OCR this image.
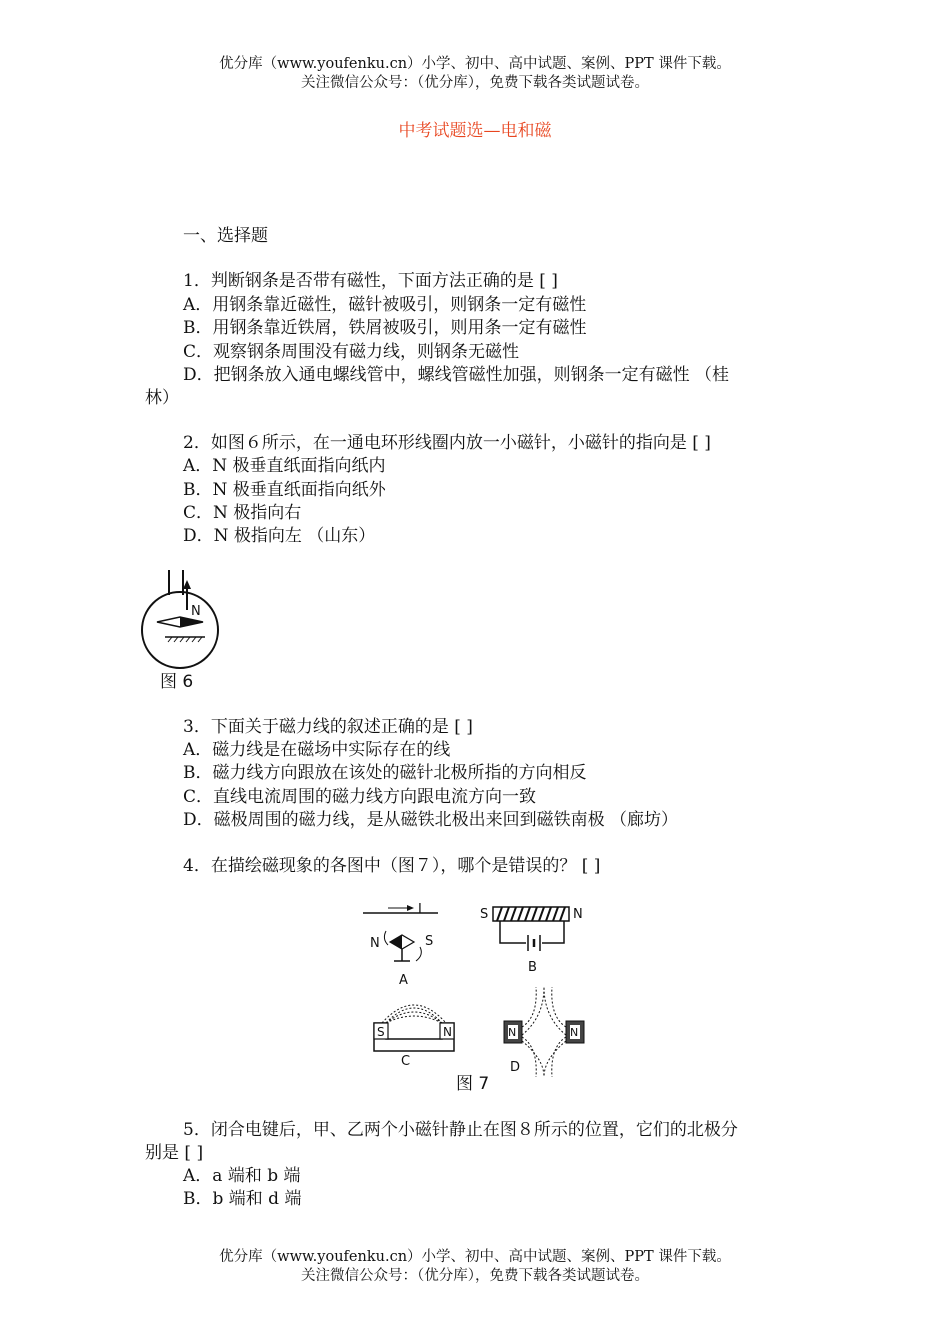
优分库（www.youfenku.cn）小学、初中、高中试题、案例、PPT 课件下载。
关注微信公众号：（优分库），免费下载各类试题试卷。
中考试题选—电和磁
一、选择题
1．判断钢条是否带有磁性，下面方法正确的是 [ ]
A．用钢条靠近磁性，磁针被吸引，则钢条一定有磁性
B．用钢条靠近铁屑，铁屑被吸引，则用条一定有磁性
C．观察钢条周围没有磁力线，则钢条无磁性
D．把钢条放入通电螺线管中，螺线管磁性加强，则钢条一定有磁性 （桂
林）
2．如图６所示，在一通电环形线圈内放一小磁针，小磁针的指向是 [ ]
A．N 极垂直纸面指向纸内
B．N 极垂直纸面指向纸外
C．N 极指向右
D．N 极指向左 （山东）
N
图 6
3．下面关于磁力线的叙述正确的是 [ ]
A．磁力线是在磁场中实际存在的线
B．磁力线方向跟放在该处的磁针北极所指的方向相反
C．直线电流周围的磁力线方向跟电流方向一致
D．磁极周围的磁力线，是从磁铁北极出来回到磁铁南极 （廊坊）
4．在描绘磁现象的各图中（图７），哪个是错误的？ [ ]
I
N	S
A
S	N
B
S	N
C
N	N
D
图 7
5．闭合电键后，甲、乙两个小磁针静止在图８所示的位置，它们的北极分
别是 [ ]
A．a 端和 b 端
B．b 端和 d 端
优分库（www.youfenku.cn）小学、初中、高中试题、案例、PPT 课件下载。
关注微信公众号：（优分库），免费下载各类试题试卷。
